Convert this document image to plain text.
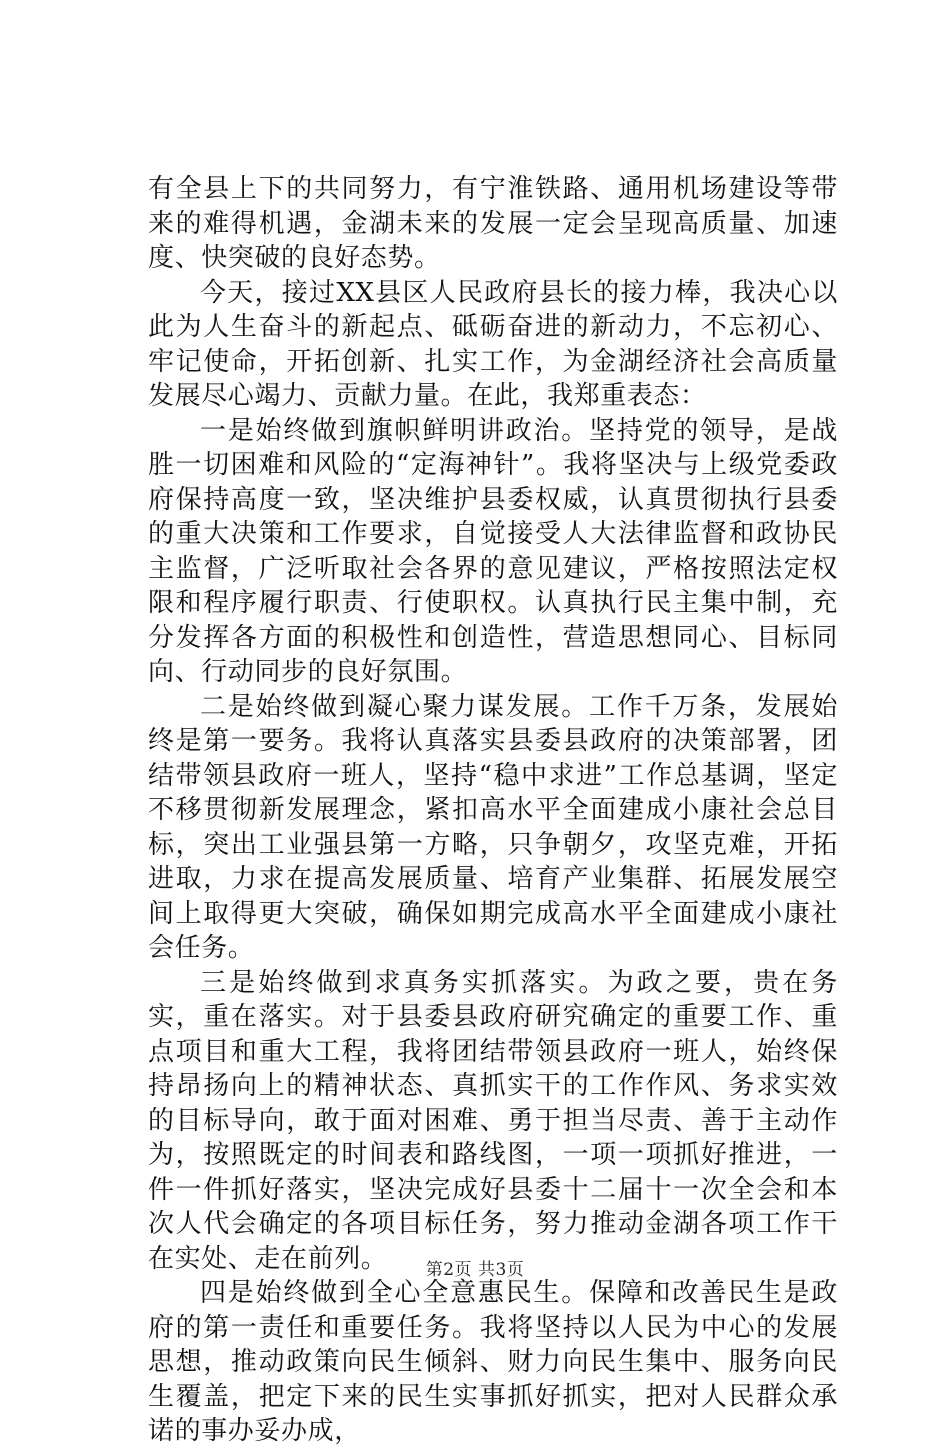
有全县上下的共同努力，有宁淮铁路、通用机场建设等带来的难得机遇，金湖未来的发展一定会呈现高质量、加速度、快突破的良好态势。

今天，接过XX县区人民政府县长的接力棒，我决心以此为人生奋斗的新起点、砥砺奋进的新动力，不忘初心、牢记使命，开拓创新、扎实工作，为金湖经济社会高质量发展尽心竭力、贡献力量。在此，我郑重表态：

一是始终做到旗帜鲜明讲政治。坚持党的领导，是战胜一切困难和风险的“定海神针”。我将坚决与上级党委政府保持高度一致，坚决维护县委权威，认真贯彻执行县委的重大决策和工作要求，自觉接受人大法律监督和政协民主监督，广泛听取社会各界的意见建议，严格按照法定权限和程序履行职责、行使职权。认真执行民主集中制，充分发挥各方面的积极性和创造性，营造思想同心、目标同向、行动同步的良好氛围。

二是始终做到凝心聚力谋发展。工作千万条，发展始终是第一要务。我将认真落实县委县政府的决策部署，团结带领县政府一班人，坚持“稳中求进”工作总基调，坚定不移贯彻新发展理念，紧扣高水平全面建成小康社会总目标，突出工业强县第一方略，只争朝夕，攻坚克难，开拓进取，力求在提高发展质量、培育产业集群、拓展发展空间上取得更大突破，确保如期完成高水平全面建成小康社会任务。

三是始终做到求真务实抓落实。为政之要，贵在务实，重在落实。对于县委县政府研究确定的重要工作、重点项目和重大工程，我将团结带领县政府一班人，始终保持昂扬向上的精神状态、真抓实干的工作作风、务求实效的目标导向，敢于面对困难、勇于担当尽责、善于主动作为，按照既定的时间表和路线图，一项一项抓好推进，一件一件抓好落实，坚决完成好县委十二届十一次全会和本次人代会确定的各项目标任务，努力推动金湖各项工作干在实处、走在前列。

四是始终做到全心全意惠民生。保障和改善民生是政府的第一责任和重要任务。我将坚持以人民为中心的发展思想，推动政策向民生倾斜、财力向民生集中、服务向民生覆盖，把定下来的民生实事抓好抓实，把对人民群众承诺的事办妥办成，

第2页 共3页
